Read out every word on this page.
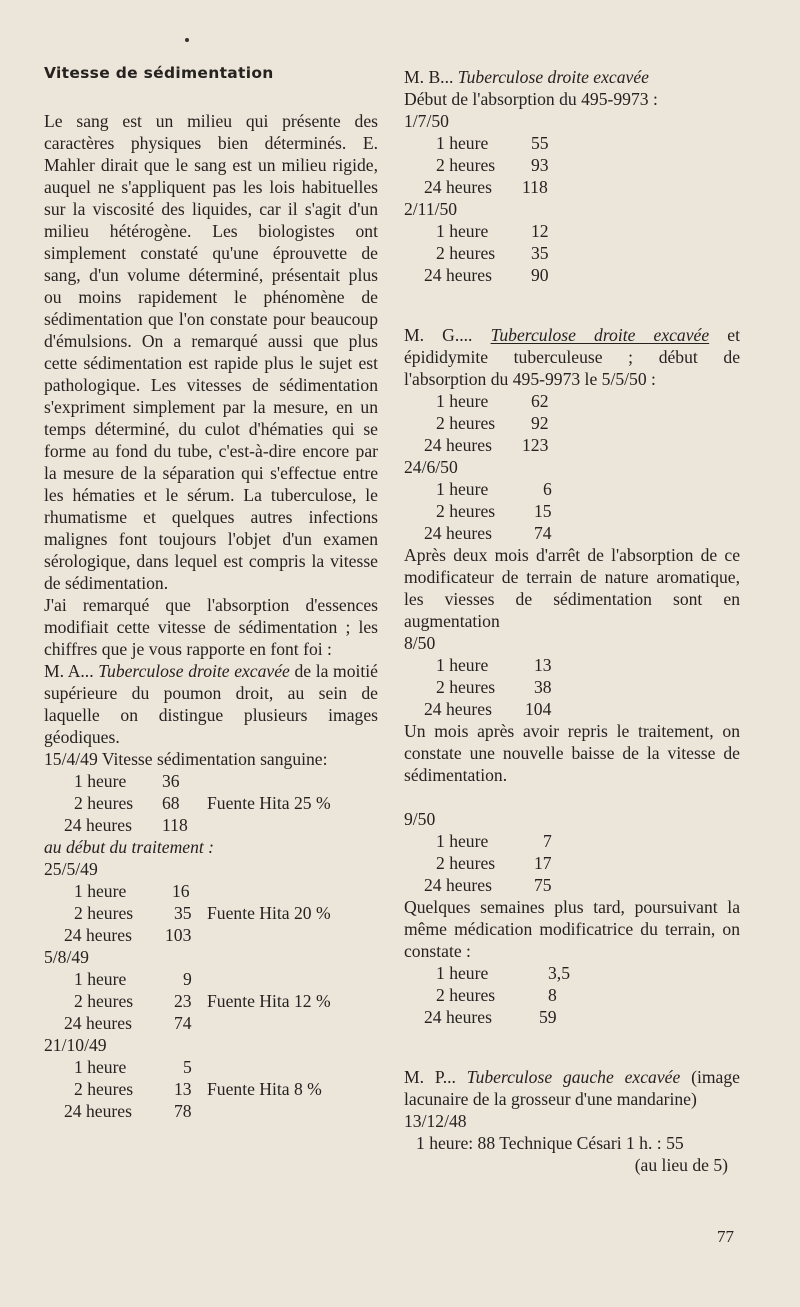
Vitesse de sédimentation

Le sang est un milieu qui présente des caractères physiques bien déterminés. E. Mahler dirait que le sang est un milieu rigide, auquel ne s'appliquent pas les lois habituelles sur la viscosité des liquides, car il s'agit d'un milieu hétérogène. Les biologistes ont simplement constaté qu'une éprouvette de sang, d'un volume déterminé, présentait plus ou moins rapidement le phénomène de sédimentation que l'on constate pour beaucoup d'émulsions. On a remarqué aussi que plus cette sédimentation est rapide plus le sujet est pathologique. Les vitesses de sédimentation s'expriment simplement par la mesure, en un temps déterminé, du culot d'hématies qui se forme au fond du tube, c'est-à-dire encore par la mesure de la séparation qui s'effectue entre les hématies et le sérum. La tuberculose, le rhumatisme et quelques autres infections malignes font toujours l'objet d'un examen sérologique, dans lequel est compris la vitesse de sédimentation.

J'ai remarqué que l'absorption d'essences modifiait cette vitesse de sédimentation ; les chiffres que je vous rapporte en font foi :

M. A... Tuberculose droite excavée de la moitié supérieure du poumon droit, au sein de laquelle on distingue plusieurs images géodiques.

15/4/49 Vitesse sédimentation sanguine:
1 heure 36
2 heures 68 Fuente Hita 25 %
24 heures 118
au début du traitement :
25/5/49
1 heure	16
2 heures 35 Fuente Hita 20 %
24 heures 103
5/8/49
1 heure	9
2 heures 23 Fuente Hita 12 %
24 heures 74
21/10/49
1 heure	5
2 heures 13 Fuente Hita 8 %
24 heures 78
M. B... Tuberculose droite excavée
Début de l'absorption du 495-9973 :
1/7/50
1 heure 55
2 heures 93
24 heures 118
2/11/50
1 heure 12
2 heures 35
24 heures 90

M. G.... Tuberculose droite excavée et épididymite tuberculeuse ; début de l'absorption du 495-9973 le 5/5/50 :

1 heure 62
2 heures 92
24 heures 123
24/6/50
1 heure	6
2 heures 15
24 heures 74

Après deux mois d'arrêt de l'absorption de ce modificateur de terrain de nature aromatique, les viesses de sédimentation sont en augmentation

8/50
1 heure	13
2 heures 38
24 heures 104

Un mois après avoir repris le traitement, on constate une nouvelle baisse de la vitesse de sédimentation.

9/50
1 heure	7
2 heures 17
24 heures 75

Quelques semaines plus tard, poursuivant la même médication modificatrice du terrain, on constate :

1 heure	3,5
2 heures	8
24 heures	59

M. P... Tuberculose gauche excavée (image lacunaire de la grosseur d'une mandarine)

13/12/48
1 heure: 88 Technique Césari 1 h. : 55
(au lieu de 5)
77
